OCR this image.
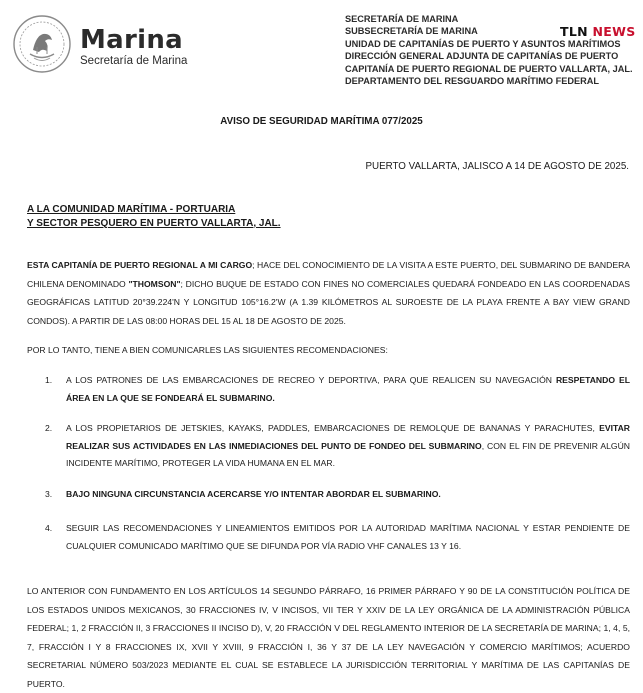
Marina
Secretaría de Marina
SECRETARÍA DE MARINA
SUBSECRETARÍA DE MARINA
UNIDAD DE CAPITANÍAS DE PUERTO Y ASUNTOS MARÍTIMOS
DIRECCIÓN GENERAL ADJUNTA DE CAPITANÍAS DE PUERTO
CAPITANÍA DE PUERTO REGIONAL DE PUERTO VALLARTA, JAL.
DEPARTAMENTO DEL RESGUARDO MARÍTIMO FEDERAL
TLN NEWS
AVISO DE SEGURIDAD MARÍTIMA 077/2025
PUERTO VALLARTA, JALISCO A 14 DE AGOSTO DE 2025.
A LA COMUNIDAD MARÍTIMA - PORTUARIA
Y SECTOR PESQUERO EN PUERTO VALLARTA, JAL.
ESTA CAPITANÍA DE PUERTO REGIONAL A MI CARGO; HACE DEL CONOCIMIENTO DE LA VISITA A ESTE PUERTO, DEL SUBMARINO DE BANDERA CHILENA DENOMINADO "THOMSON"; DICHO BUQUE DE ESTADO CON FINES NO COMERCIALES QUEDARÁ FONDEADO EN LAS COORDENADAS GEOGRÁFICAS LATITUD 20°39.224'N Y LONGITUD 105°16.2'W (A 1.39 KILÓMETROS AL SUROESTE DE LA PLAYA FRENTE A BAY VIEW GRAND CONDOS). A PARTIR DE LAS 08:00 HORAS DEL 15 AL 18 DE AGOSTO DE 2025.
POR LO TANTO, TIENE A BIEN COMUNICARLES LAS SIGUIENTES RECOMENDACIONES:
1.	A LOS PATRONES DE LAS EMBARCACIONES DE RECREO Y DEPORTIVA, PARA QUE REALICEN SU NAVEGACIÓN RESPETANDO EL ÁREA EN LA QUE SE FONDEARÁ EL SUBMARINO.
2.	A LOS PROPIETARIOS DE JETSKIES, KAYAKS, PADDLES, EMBARCACIONES DE REMOLQUE DE BANANAS Y PARACHUTES, EVITAR REALIZAR SUS ACTIVIDADES EN LAS INMEDIACIONES DEL PUNTO DE FONDEO DEL SUBMARINO, CON EL FIN DE PREVENIR ALGÚN INCIDENTE MARÍTIMO, PROTEGER LA VIDA HUMANA EN EL MAR.
3.	BAJO NINGUNA CIRCUNSTANCIA ACERCARSE Y/O INTENTAR ABORDAR EL SUBMARINO.
4.	SEGUIR LAS RECOMENDACIONES Y LINEAMIENTOS EMITIDOS POR LA AUTORIDAD MARÍTIMA NACIONAL Y ESTAR PENDIENTE DE CUALQUIER COMUNICADO MARÍTIMO QUE SE DIFUNDA POR VÍA RADIO VHF CANALES 13 Y 16.
LO ANTERIOR CON FUNDAMENTO EN LOS ARTÍCULOS 14 SEGUNDO PÁRRAFO, 16 PRIMER PÁRRAFO Y 90 DE LA CONSTITUCIÓN POLÍTICA DE LOS ESTADOS UNIDOS MEXICANOS, 30 FRACCIONES IV, V INCISOS, VII TER Y XXIV DE LA LEY ORGÁNICA DE LA ADMINISTRACIÓN PÚBLICA FEDERAL; 1, 2 FRACCIÓN II, 3 FRACCIONES II INCISO D), V, 20 FRACCIÓN V DEL REGLAMENTO INTERIOR DE LA SECRETARÍA DE MARINA; 1, 4, 5, 7, FRACCIÓN I Y 8 FRACCIONES IX, XVII Y XVIII, 9 FRACCIÓN I, 36 Y 37 DE LA LEY NAVEGACIÓN Y COMERCIO MARÍTIMOS; ACUERDO SECRETARIAL NÚMERO 503/2023 MEDIANTE EL CUAL SE ESTABLECE LA JURISDICCIÓN TERRITORIAL Y MARÍTIMA DE LAS CAPITANÍAS DE PUERTO.
